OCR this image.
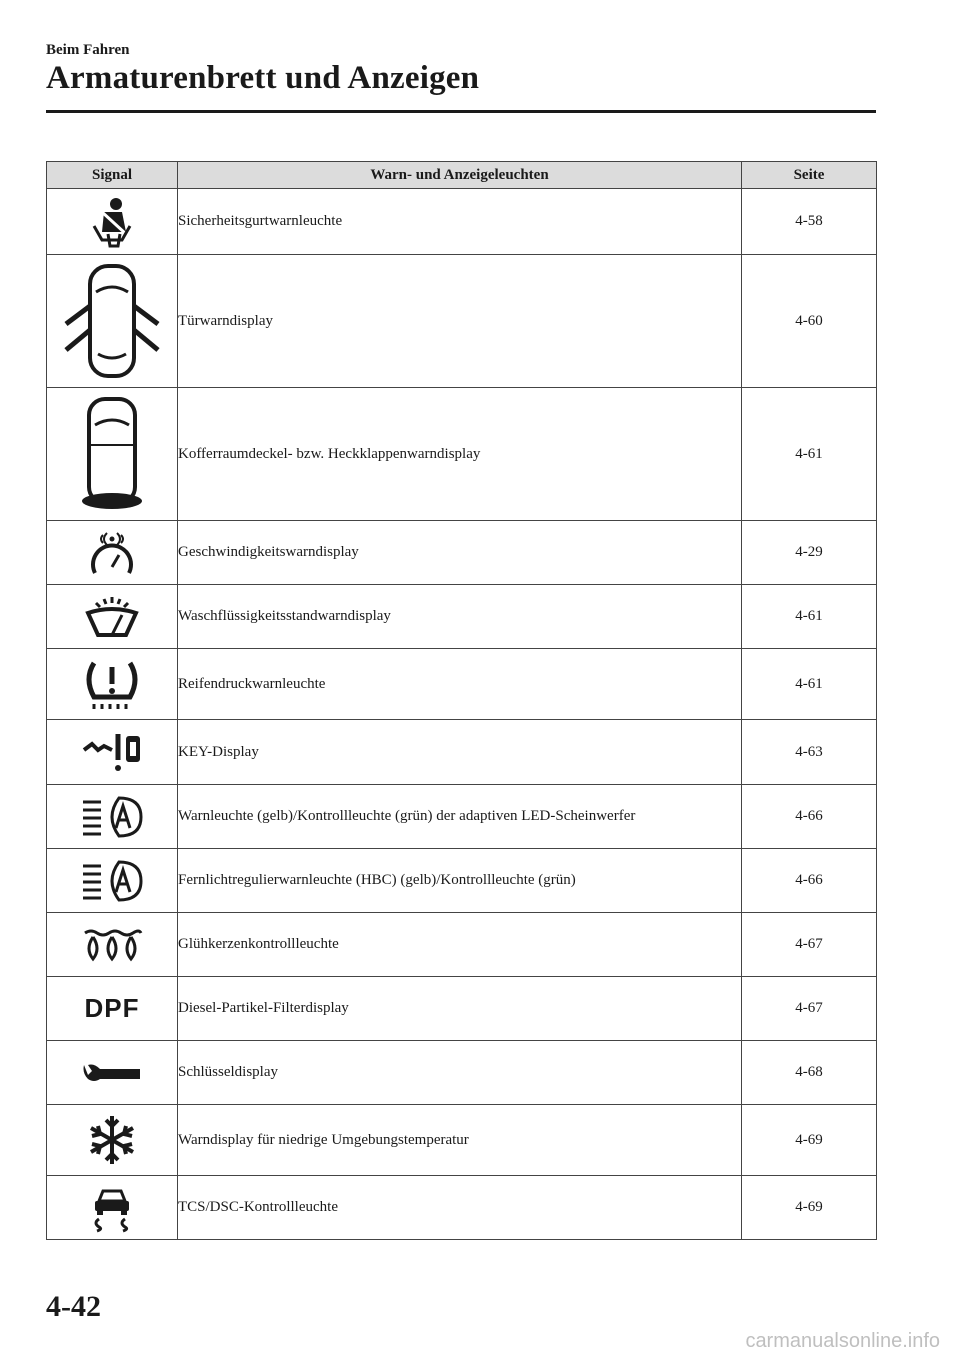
Beim Fahren
Armaturenbrett und Anzeigen
Signal	Warn- und Anzeigeleuchten	Seite

	Sicherheitsgurtwarnleuchte	4-58

	Türwarndisplay	4-60

	Kofferraumdeckel- bzw. Heckklappenwarndisplay	4-61

	Geschwindigkeitswarndisplay	4-29

	Waschflüssigkeitsstandwarndisplay	4-61

	Reifendruckwarnleuchte	4-61

	KEY-Display	4-63

	Warnleuchte (gelb)/Kontrollleuchte (grün) der adaptiven LED-Scheinwerfer	4-66

	Fernlichtregulierwarnleuchte (HBC) (gelb)/Kontrollleuchte (grün)	4-66

	Glühkerzenkontrollleuchte	4-67
DPF	Diesel-Partikel-Filterdisplay	4-67

	Schlüsseldisplay	4-68

	Warndisplay für niedrige Umgebungstemperatur	4-69

	TCS/DSC-Kontrollleuchte	4-69
4-42
carmanualsonline.info
